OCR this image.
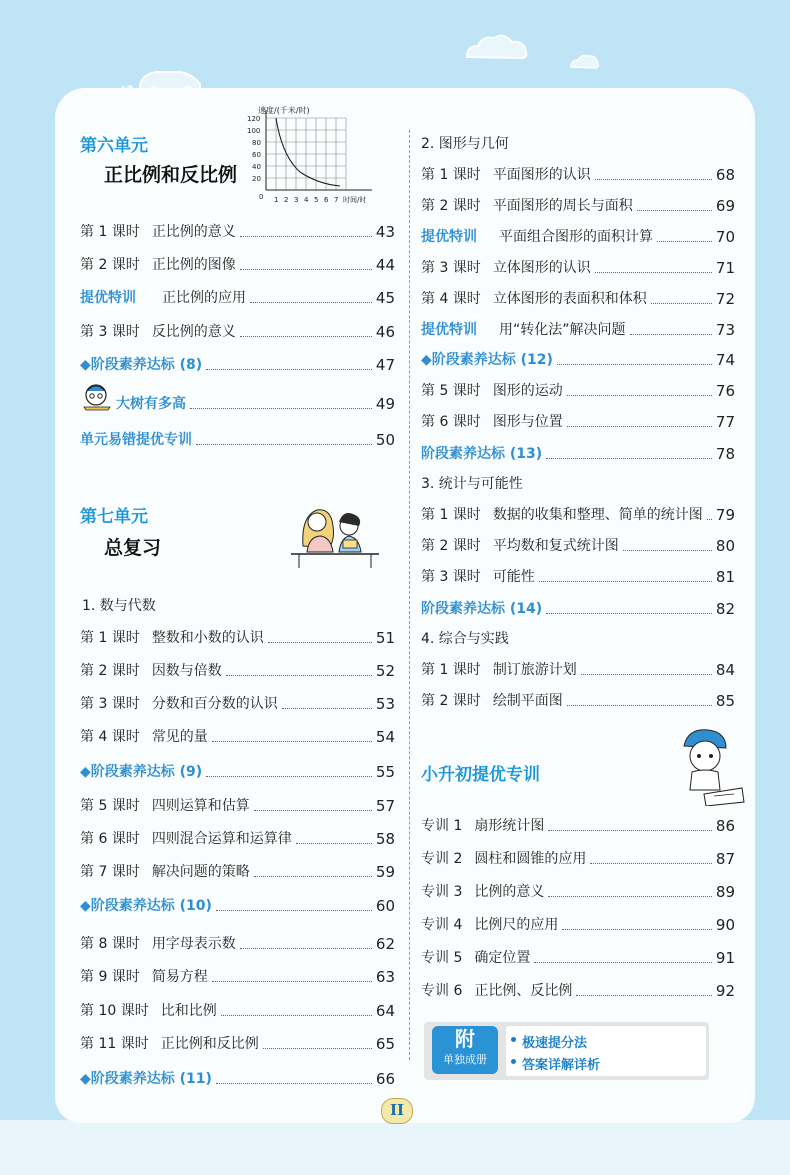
第六单元
正比例和反比例
速度/(千米/时)
120
100
80
60
40
20
0 1 2 3 4 5 6 7 时间/时
第 1 课时 正比例的意义	43
第 2 课时 正比例的图像	44
提优特训 正比例的应用	45
第 3 课时 反比例的意义	46
◆阶段素养达标 (8)	47
大树有多高	49
单元易错提优专训	50
第七单元
总复习
1. 数与代数
第 1 课时 整数和小数的认识	51
第 2 课时 因数与倍数	52
第 3 课时 分数和百分数的认识	53
第 4 课时 常见的量	54
◆阶段素养达标 (9)	55
第 5 课时 四则运算和估算	57
第 6 课时 四则混合运算和运算律	58
第 7 课时 解决问题的策略	59
◆阶段素养达标 (10)	60
第 8 课时 用字母表示数	62
第 9 课时 简易方程	63
第 10 课时 比和比例	64
第 11 课时 正比例和反比例	65
◆阶段素养达标 (11)	66
2. 图形与几何
第 1 课时 平面图形的认识	68
第 2 课时 平面图形的周长与面积	69
提优特训 平面组合图形的面积计算	70
第 3 课时 立体图形的认识	71
第 4 课时 立体图形的表面积和体积	72
提优特训 用“转化法”解决问题	73
◆阶段素养达标 (12)	74
第 5 课时 图形的运动	76
第 6 课时 图形与位置	77
阶段素养达标 (13)	78
3. 统计与可能性
第 1 课时 数据的收集和整理、简单的统计图 79
第 2 课时 平均数和复式统计图	80
第 3 课时 可能性	81
阶段素养达标 (14)	82
4. 综合与实践
第 1 课时 制订旅游计划	84
第 2 课时 绘制平面图	85
小升初提优专训
专训 1 扇形统计图	86
专训 2 圆柱和圆锥的应用	87
专训 3 比例的意义	89
专训 4 比例尺的应用	90
专训 5 确定位置	91
专训 6 正比例、反比例	92
附
单独成册
极速提分法
答案详解详析
II
